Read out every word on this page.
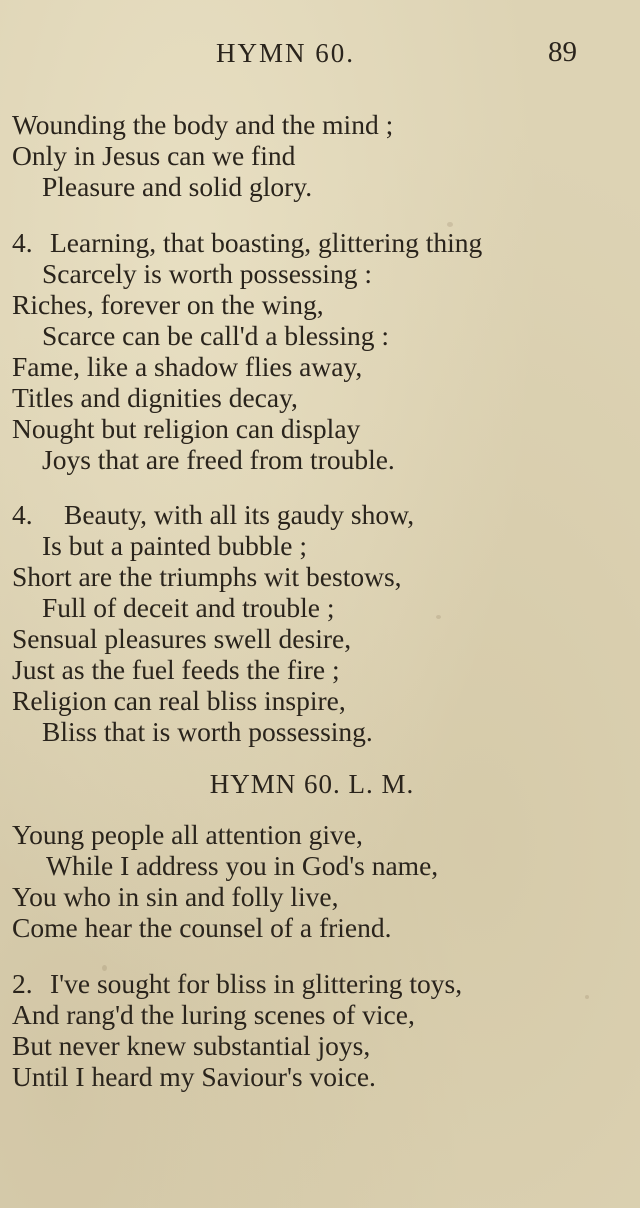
HYMN 60.	89
Wounding the body and the mind ;
Only in Jesus can we find
Pleasure and solid glory.
4. Learning, that boasting, glittering thing
Scarcely is worth possessing :
Riches, forever on the wing,
Scarce can be call'd a blessing :
Fame, like a shadow flies away,
Titles and dignities decay,
Nought but religion can display
Joys that are freed from trouble.
4. Beauty, with all its gaudy show,
Is but a painted bubble ;
Short are the triumphs wit bestows,
Full of deceit and trouble ;
Sensual pleasures swell desire,
Just as the fuel feeds the fire ;
Religion can real bliss inspire,
Bliss that is worth possessing.
HYMN 60. L. M.
Young people all attention give,
While I address you in God's name,
You who in sin and folly live,
Come hear the counsel of a friend.
2. I've sought for bliss in glittering toys,
And rang'd the luring scenes of vice,
But never knew substantial joys,
Until I heard my Saviour's voice.
